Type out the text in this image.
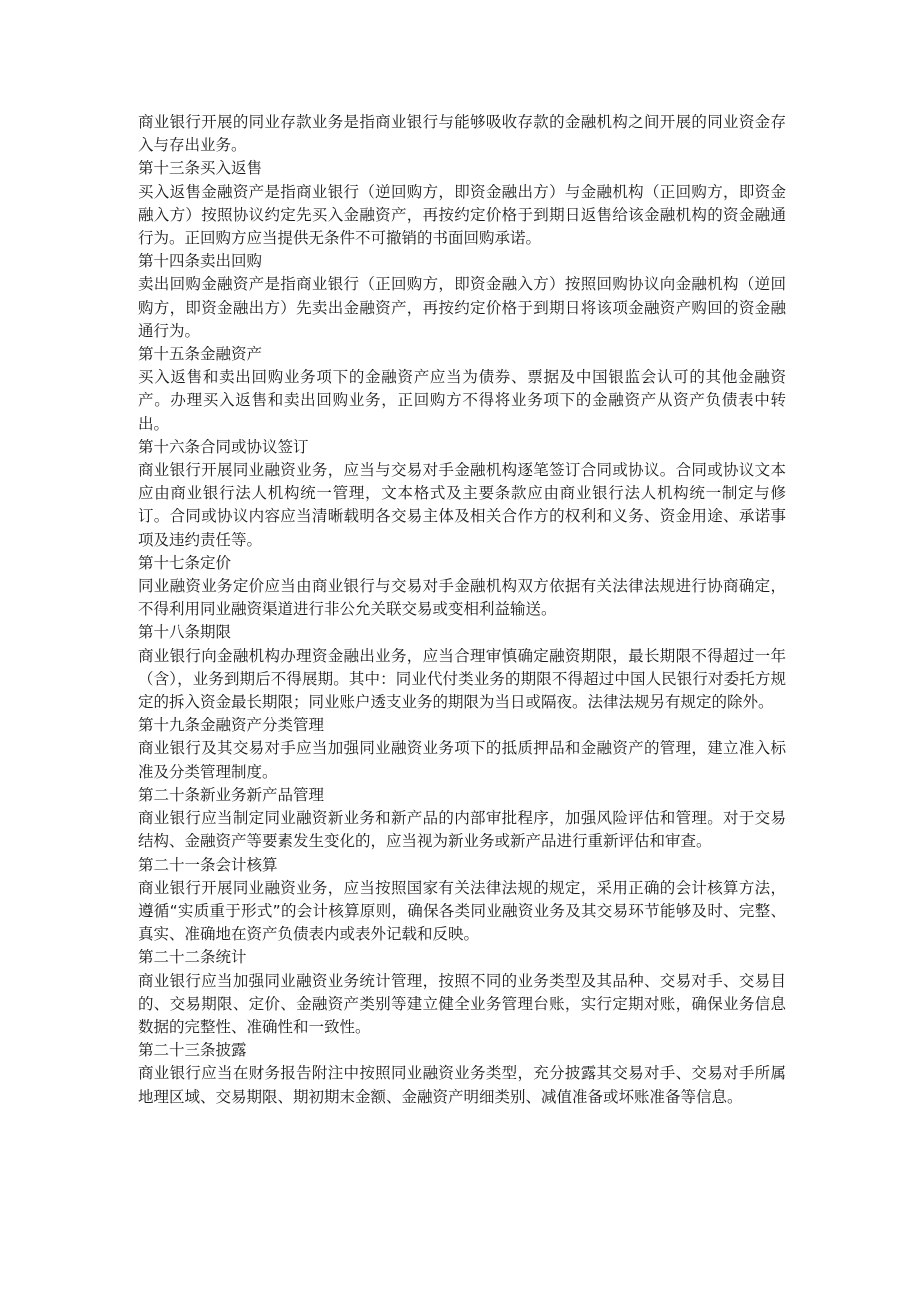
商业银行开展的同业存款业务是指商业银行与能够吸收存款的金融机构之间开展的同业资金存入与存出业务。

第十三条买入返售

买入返售金融资产是指商业银行（逆回购方，即资金融出方）与金融机构（正回购方，即资金融入方）按照协议约定先买入金融资产，再按约定价格于到期日返售给该金融机构的资金融通行为。正回购方应当提供无条件不可撤销的书面回购承诺。

第十四条卖出回购

卖出回购金融资产是指商业银行（正回购方，即资金融入方）按照回购协议向金融机构（逆回购方，即资金融出方）先卖出金融资产，再按约定价格于到期日将该项金融资产购回的资金融通行为。

第十五条金融资产

买入返售和卖出回购业务项下的金融资产应当为债券、票据及中国银监会认可的其他金融资产。办理买入返售和卖出回购业务，正回购方不得将业务项下的金融资产从资产负债表中转出。

第十六条合同或协议签订

商业银行开展同业融资业务，应当与交易对手金融机构逐笔签订合同或协议。合同或协议文本应由商业银行法人机构统一管理，文本格式及主要条款应由商业银行法人机构统一制定与修订。合同或协议内容应当清晰载明各交易主体及相关合作方的权利和义务、资金用途、承诺事项及违约责任等。

第十七条定价

同业融资业务定价应当由商业银行与交易对手金融机构双方依据有关法律法规进行协商确定，不得利用同业融资渠道进行非公允关联交易或变相利益输送。

第十八条期限

商业银行向金融机构办理资金融出业务，应当合理审慎确定融资期限，最长期限不得超过一年（含），业务到期后不得展期。其中：同业代付类业务的期限不得超过中国人民银行对委托方规定的拆入资金最长期限；同业账户透支业务的期限为当日或隔夜。法律法规另有规定的除外。

第十九条金融资产分类管理

商业银行及其交易对手应当加强同业融资业务项下的抵质押品和金融资产的管理，建立准入标准及分类管理制度。

第二十条新业务新产品管理

商业银行应当制定同业融资新业务和新产品的内部审批程序，加强风险评估和管理。对于交易结构、金融资产等要素发生变化的，应当视为新业务或新产品进行重新评估和审查。

第二十一条会计核算

商业银行开展同业融资业务，应当按照国家有关法律法规的规定，采用正确的会计核算方法，遵循“实质重于形式”的会计核算原则，确保各类同业融资业务及其交易环节能够及时、完整、真实、准确地在资产负债表内或表外记载和反映。

第二十二条统计

商业银行应当加强同业融资业务统计管理，按照不同的业务类型及其品种、交易对手、交易目的、交易期限、定价、金融资产类别等建立健全业务管理台账，实行定期对账，确保业务信息数据的完整性、准确性和一致性。

第二十三条披露

商业银行应当在财务报告附注中按照同业融资业务类型，充分披露其交易对手、交易对手所属地理区域、交易期限、期初期末金额、金融资产明细类别、减值准备或坏账准备等信息。
